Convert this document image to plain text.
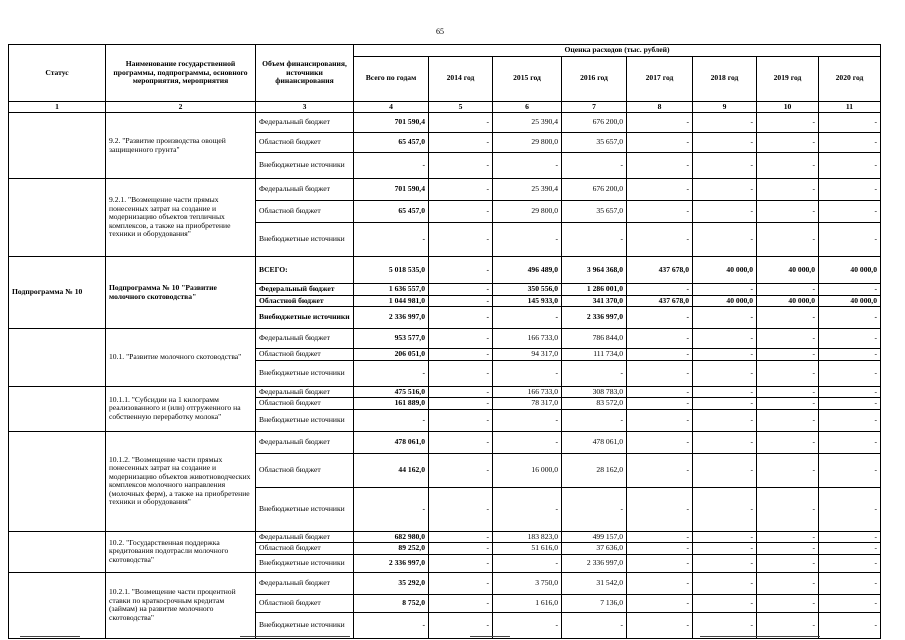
65
Статус	Наименование государственной программы, подпрограммы, основного мероприятия, мероприятия	Объем финансирования, источники финансирования	Оценка расходов (тыс. рублей)							
			Всего по годам	2014 год	2015 год	2016 год	2017 год	2018 год	2019 год	2020 год
1	2	3	4	5	6	7	8	9	10	11
	9.2. "Развитие производства овощей защищенного грунта"	Федеральный бюджет	701 590,4	-	25 390,4	676 200,0	-	-	-	-
		Областной бюджет	65 457,0	-	29 800,0	35 657,0	-	-	-	-
		Внебюджетные источники	-	-	-	-	-	-	-	-
	9.2.1. "Возмещение части прямых понесенных затрат на создание и модернизацию объектов тепличных комплексов, а также на приобретение техники и оборудования"	Федеральный бюджет	701 590,4	-	25 390,4	676 200,0	-	-	-	-
		Областной бюджет	65 457,0	-	29 800,0	35 657,0	-	-	-	-
		Внебюджетные источники	-	-	-	-	-	-	-	-
Подпрограмма № 10	Подпрограмма № 10 "Развитие молочного скотоводства"	ВСЕГО:	5 018 535,0	-	496 489,0	3 964 368,0	437 678,0	40 000,0	40 000,0	40 000,0
		Федеральный бюджет	1 636 557,0	-	350 556,0	1 286 001,0	-	-	-	-
		Областной бюджет	1 044 981,0	-	145 933,0	341 370,0	437 678,0	40 000,0	40 000,0	40 000,0
		Внебюджетные источники	2 336 997,0	-	-	2 336 997,0	-	-	-	-
	10.1. "Развитие молочного скотоводства"	Федеральный бюджет	953 577,0	-	166 733,0	786 844,0	-	-	-	-
		Областной бюджет	206 051,0	-	94 317,0	111 734,0	-	-	-	-
		Внебюджетные источники	-	-	-	-	-	-	-	-
	10.1.1. "Субсидии на 1 килограмм реализованного и (или) отгруженного на собственную переработку молока"	Федеральный бюджет	475 516,0	-	166 733,0	308 783,0	-	-	-	-
		Областной бюджет	161 889,0	-	78 317,0	83 572,0	-	-	-	-
		Внебюджетные источники	-	-	-	-	-	-	-	-
	10.1.2. "Возмещение части прямых понесенных затрат на создание и модернизацию объектов животноводческих комплексов молочного направления (молочных ферм), а также на приобретение техники и оборудования"	Федеральный бюджет	478 061,0	-	-	478 061,0	-	-	-	-
		Областной бюджет	44 162,0	-	16 000,0	28 162,0	-	-	-	-
		Внебюджетные источники	-	-	-	-	-	-	-	-
	10.2. "Государственная поддержка кредитования подотрасли молочного скотоводства"	Федеральный бюджет	682 980,0	-	183 823,0	499 157,0	-	-	-	-
		Областной бюджет	89 252,0	-	51 616,0	37 636,0	-	-	-	-
		Внебюджетные источники	2 336 997,0	-	-	2 336 997,0	-	-	-	-
	10.2.1. "Возмещение части процентной ставки по краткосрочным кредитам (займам) на развитие молочного скотоводства"	Федеральный бюджет	35 292,0	-	3 750,0	31 542,0	-	-	-	-
		Областной бюджет	8 752,0	-	1 616,0	7 136,0	-	-	-	-
		Внебюджетные источники	-	-	-	-	-	-	-	-
